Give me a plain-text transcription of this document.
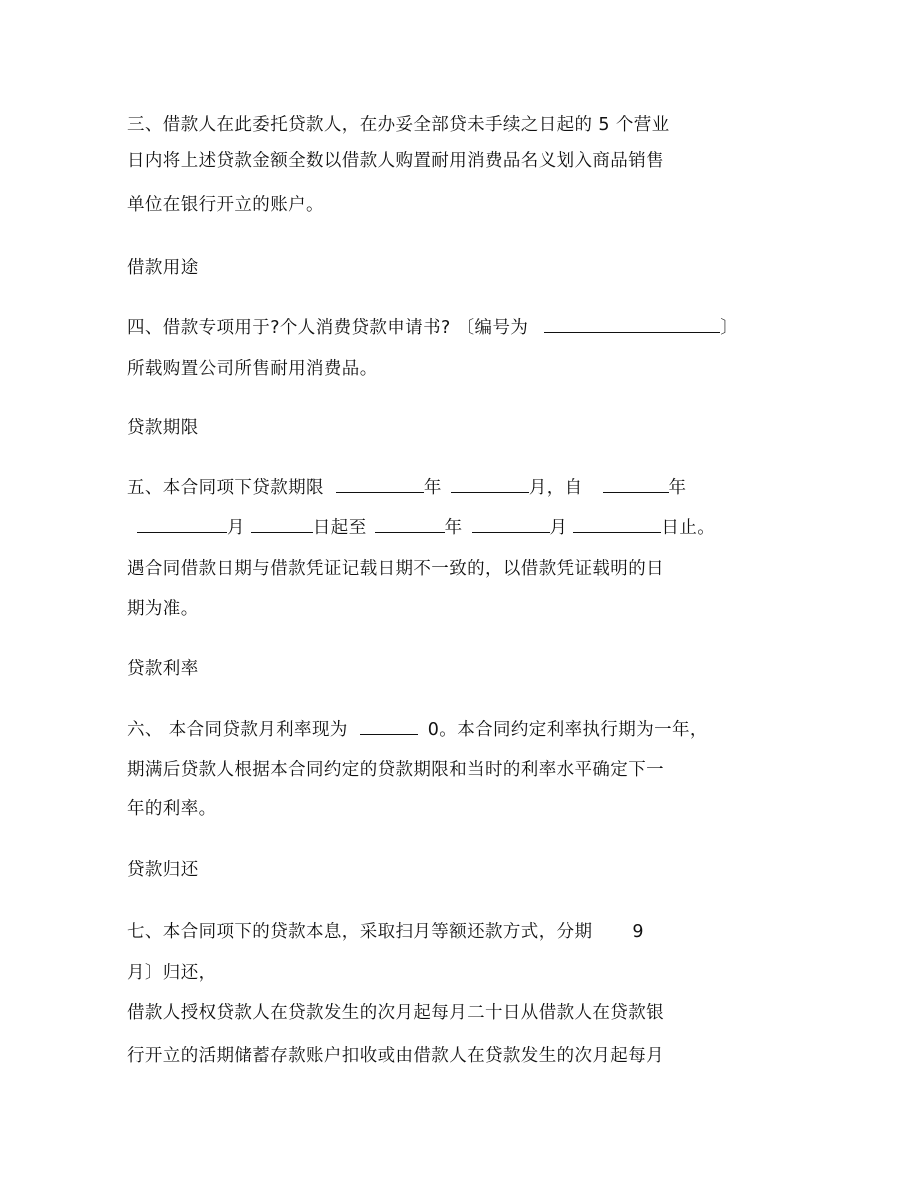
三、借款人在此委托贷款人，在办妥全部贷未手续之日起的 5 个营业
日内将上述贷款金额全数以借款人购置耐用消费品名义划入商品销售
单位在银行开立的账户。
借款用途
四、借款专项用于?个人消费贷款申请书? 〔编号为	〕
所载购置公司所售耐用消费品。
贷款期限
五、本合同项下贷款期限	年	月，自	年
月	日起至	年	月	日止。
遇合同借款日期与借款凭证记载日期不一致的，以借款凭证载明的日
期为准。
贷款利率
六、 本合同贷款月利率现为	0。本合同约定利率执行期为一年，
期满后贷款人根据本合同约定的贷款期限和当时的利率水平确定下一
年的利率。
贷款归还
七、本合同项下的贷款本息，采取扫月等额还款方式，分期 9
月〕归还，
借款人授权贷款人在贷款发生的次月起每月二十日从借款人在贷款银
行开立的活期储蓄存款账户扣收或由借款人在贷款发生的次月起每月
